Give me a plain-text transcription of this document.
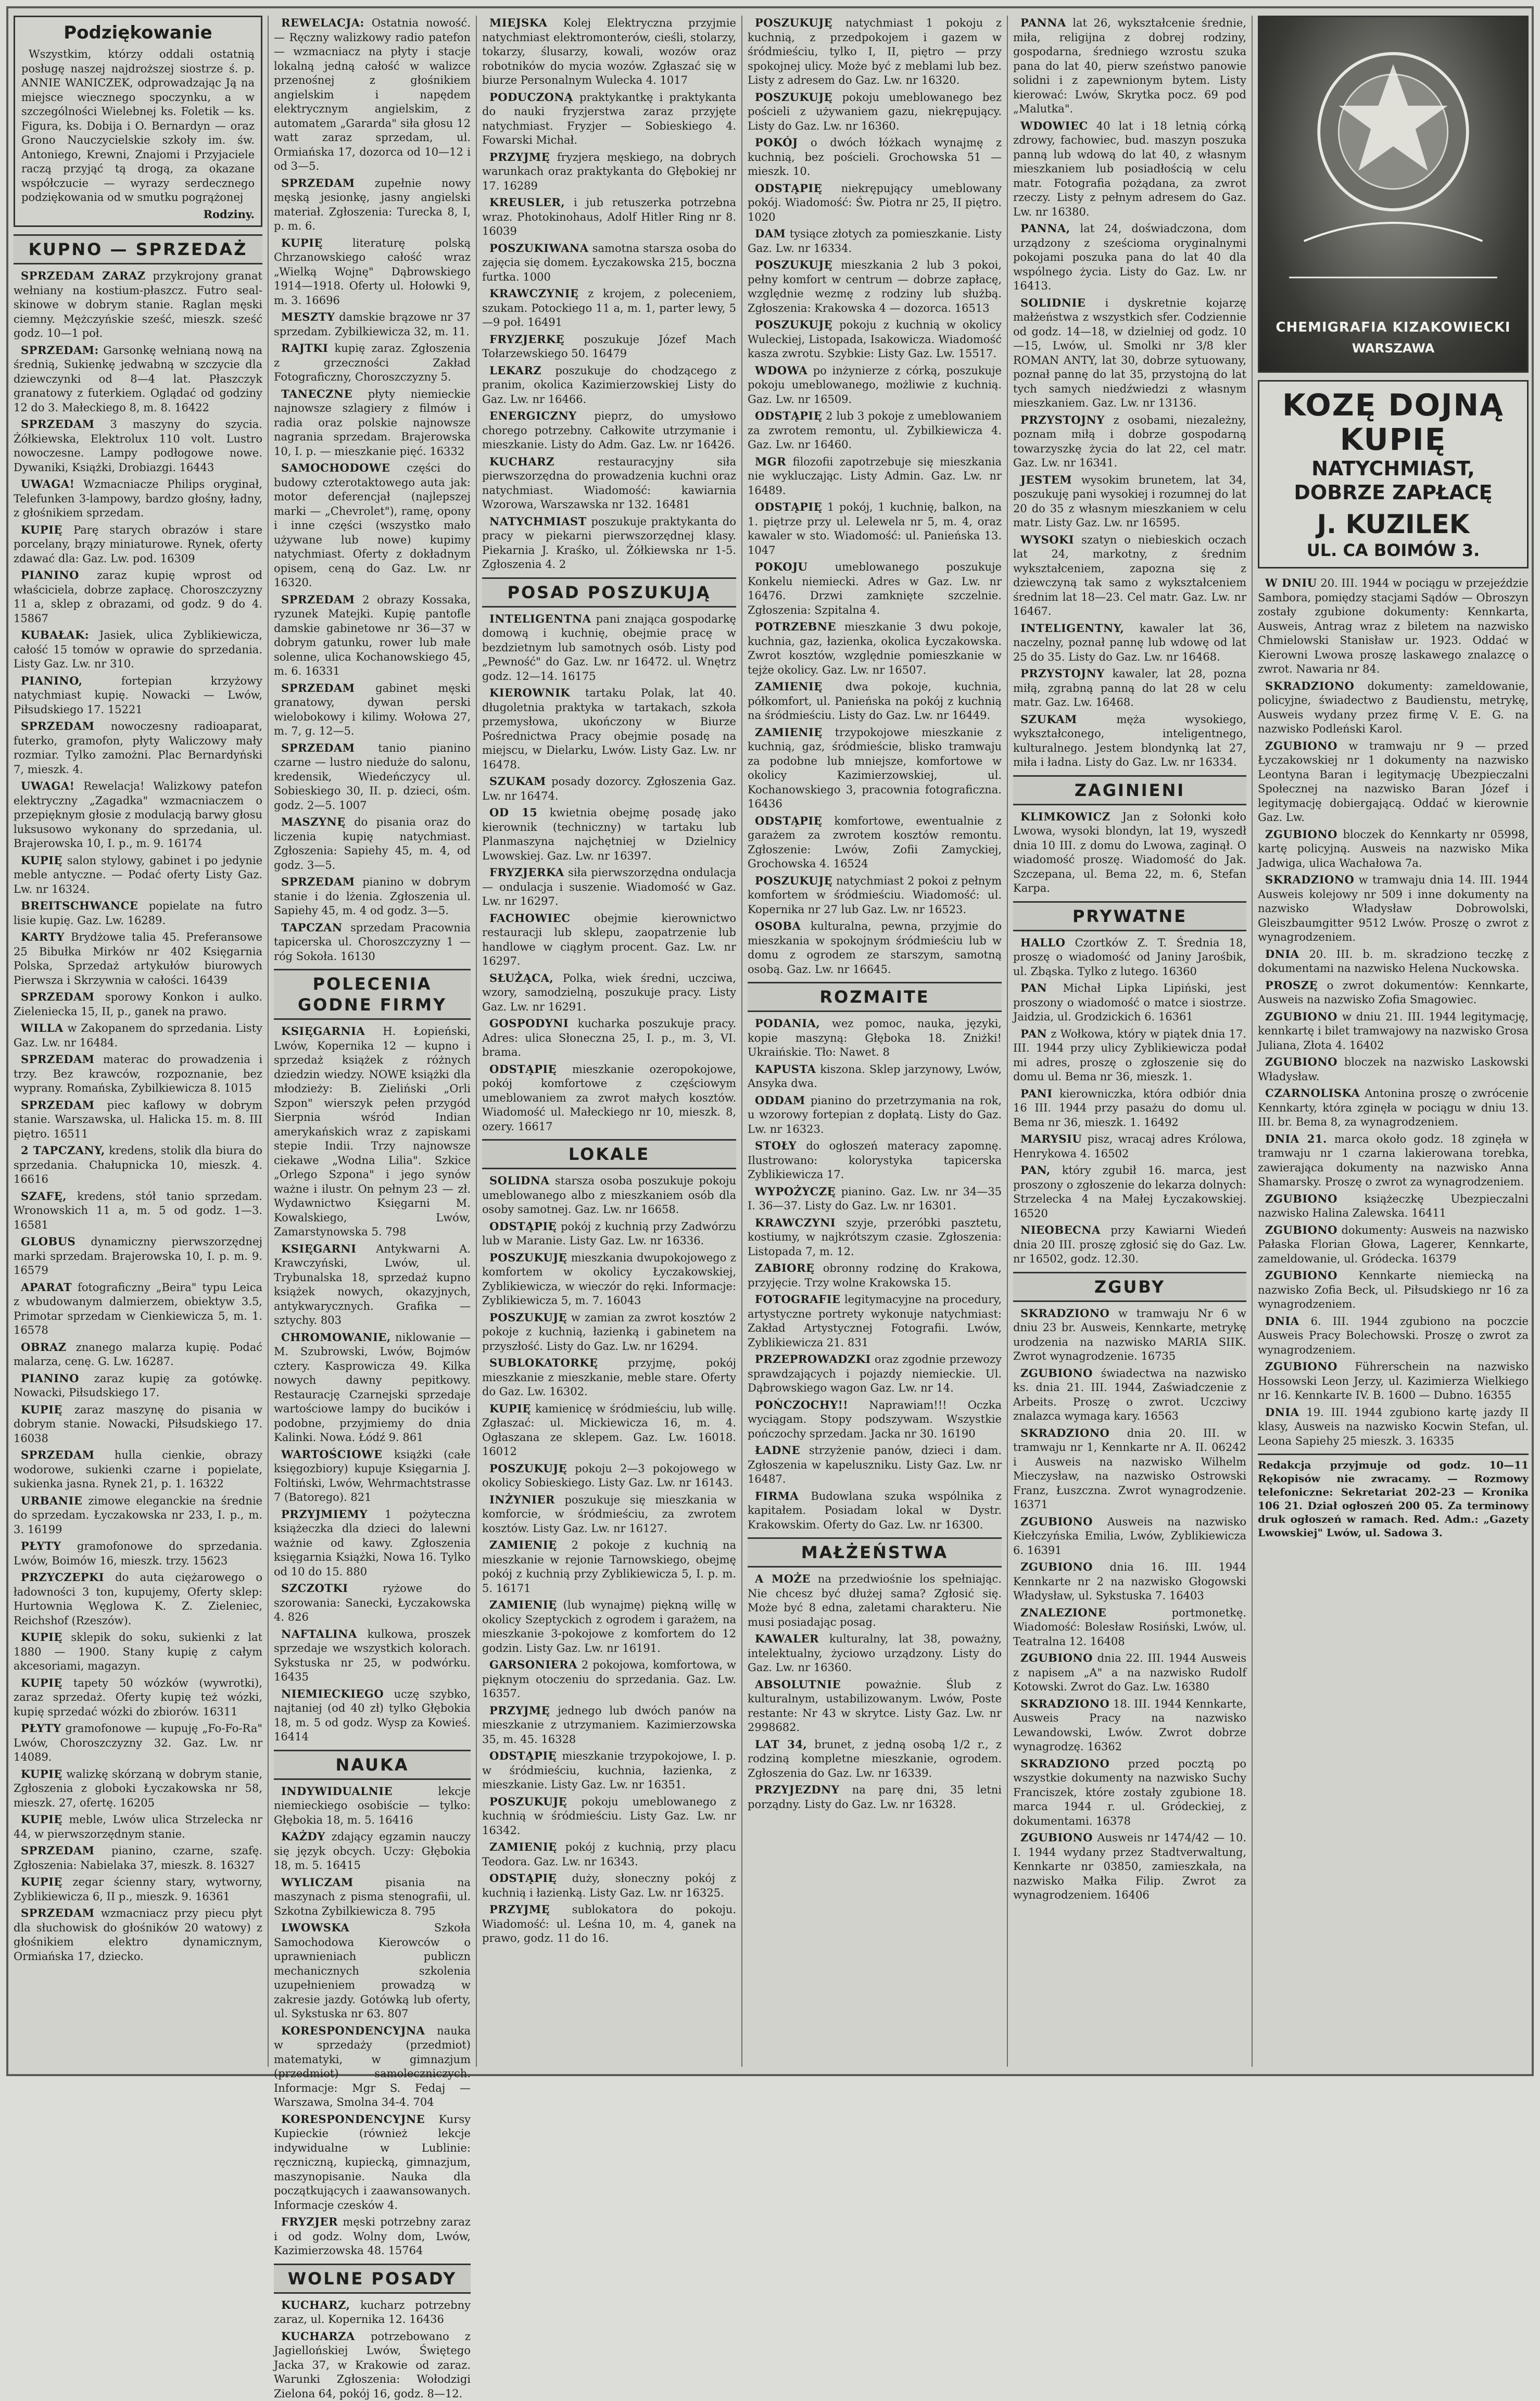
Podziękowanie
Wszystkim, którzy oddali ostatnią posługę naszej najdroższej siostrze ś. p. ANNIE WANICZEK, odprowadzając Ją na miejsce wiecznego spoczynku, a w szczególności Wielebnej ks. Foletik — ks. Figura, ks. Dobija i O. Bernardyn — oraz Grono Nauczycielskie szkoły im. św. Antoniego, Krewni, Znajomi i Przyjaciele raczą przyjąć tą drogą, za okazane współczucie — wyrazy serdecznego podziękowania od w smutku pogrążonej
Rodziny.
KUPNO — SPRZEDAŻ

SPRZEDAM ZARAZ przykrojony granat wełniany na kostium-płaszcz. Futro seal-skinowe w dobrym stanie. Raglan męski ciemny. Mężczyńskie sześć, mieszk. sześć godz. 10—1 poł.

SPRZEDAM: Garsonkę wełnianą nową na średnią, Sukienkę jedwabną w szczycie dla dziewczynki od 8—4 lat. Płaszczyk granatowy z futerkiem. Oglądać od godziny 12 do 3. Małeckiego 8, m. 8. 16422

SPRZEDAM 3 maszyny do szycia. Żółkiewska, Elektrolux 110 volt. Lustro nowoczesne. Lampy podłogowe nowe. Dywaniki, Książki, Drobiazgi. 16443

UWAGA! Wzmacniacze Philips oryginał, Telefunken 3-lampowy, bardzo głośny, ładny, z głośnikiem sprzedam.

KUPIĘ Parę starych obrazów i stare porcelany, brązy miniaturowe. Rynek, oferty zdawać dla: Gaz. Lw. pod. 16309

PIANINO zaraz kupię wprost od właściciela, dobrze zapłacę. Choroszczyzny 11 a, sklep z obrazami, od godz. 9 do 4. 15867

KUBAŁAK: Jasiek, ulica Zyblikiewicza, całość 15 tomów w oprawie do sprzedania. Listy Gaz. Lw. nr 310.

PIANINO,	fortepian krzyżowy natychmiast kupię. Nowacki — Lwów, Piłsudskiego 17. 15221

SPRZEDAM nowoczesny radioaparat, futerko, gramofon, płyty Waliczowy mały rozmiar. Tylko zamożni. Plac Bernardyński 7, mieszk. 4.

UWAGA! Rewelacja! Walizkowy patefon elektryczny „Zagadka" wzmacniaczem o przepięknym głosie z modulacją barwy głosu luksusowo wykonany do sprzedania, ul. Brajerowska 10, I. p., m. 9. 16174

KUPIĘ salon stylowy, gabinet i po jedynie meble antyczne. — Podać oferty Listy Gaz. Lw. nr 16324.

BREITSCHWANCE popielate na futro lisie kupię. Gaz. Lw. 16289.

KARTY Brydżowe talia 45. Preferansowe 25 Bibułka Mirków nr 402 Księgarnia Polska, Sprzedaż artykułów biurowych Pierwsza i Skrzywnia w całości. 16439

SPRZEDAM sporowy Konkon i aulko. Zieleniecka 15, II, p., ganek na prawo.

WILLA w Zakopanem do sprzedania. Listy Gaz. Lw. nr 16484.

SPRZEDAM materac do prowadzenia i trzy. Bez krawców, rozpoznanie, bez wyprany. Romańska, Zybilkiewicza 8. 1015

SPRZEDAM piec kaflowy w dobrym stanie. Warszawska, ul. Halicka 15. m. 8. III piętro. 16511

2 TAPCZANY, kredens, stolik dla biura do sprzedania. Chałupnicka 10, mieszk. 4. 16616

SZAFĘ, kredens, stół tanio sprzedam. Wronowskich 11 a, m. 5 od godz. 1—3. 16581

GLOBUS dynamiczny pierwszorzędnej marki sprzedam. Brajerowska 10, I. p. m. 9. 16579

APARAT fotograficzny „Beira" typu Leica z wbudowanym dalmierzem, obiektyw 3.5, Primotar sprzedam w Cienkiewicza 5, m. 1. 16578

OBRAZ znanego malarza kupię. Podać malarza, cenę. G. Lw. 16287.

PIANINO zaraz kupię za gotówkę. Nowacki, Piłsudskiego 17.

KUPIĘ zaraz maszynę do pisania w dobrym stanie. Nowacki, Piłsudskiego 17. 16038

SPRZEDAM hulla cienkie, obrazy wodorowe, sukienki czarne i popielate, sukienka jasna. Rynek 21, p. 1. 16322

URBANIE zimowe eleganckie na średnie do sprzedam. Łyczakowska nr 233, I. p., m. 3. 16199

PŁYTY gramofonowe do sprzedania. Lwów, Boimów 16, mieszk. trzy. 15623

PRZYCZEPKI do auta ciężarowego o ładowności 3 ton, kupujemy, Oferty sklep: Hurtownia Węglowa K. Z. Zieleniec, Reichshof (Rzeszów).

KUPIĘ sklepik do soku, sukienki z lat 1880 — 1900. Stany kupię z całym akcesoriami, magazyn.

KUPIĘ tapety 50 wózków (wywrotki), zaraz sprzedaż. Oferty kupię też wózki, kupię sprzedać wózki do zbiorów. 16311

PŁYTY gramofonowe — kupuję „Fo-Fo-Ra" Lwów, Choroszczyzny 32. Gaz. Lw. nr 14089.

KUPIĘ walizkę skórzaną w dobrym stanie, Zgłoszenia z globoki Łyczakowska nr 58, mieszk. 27, ofertę. 16205

KUPIĘ meble, Lwów ulica Strzelecka nr 44, w pierwszorzędnym stanie.

SPRZEDAM pianino, czarne, szafę. Zgłoszenia: Nabielaka 37, mieszk. 8. 16327

KUPIĘ zegar ścienny stary, wytworny, Zyblikiewicza 6, II p., mieszk. 9. 16361

SPRZEDAM wzmacniacz przy piecu płyt dla słuchowisk do głośników 20 watowy) z głośnikiem elektro dynamicznym, Ormiańska 17, dziecko.

REWELACJA: Ostatnia nowość. — Ręczny walizkowy radio patefon — wzmacniacz na płyty i stacje lokalną jedną całość w walizce przenośnej z głośnikiem angielskim i napędem elektrycznym angielskim, z automatem „Gararda" siła głosu 12 watt zaraz sprzedam, ul. Ormiańska 17, dozorca od 10—12 i od 3—5.

SPRZEDAM zupełnie nowy męską jesionkę, jasny angielski materiał. Zgłoszenia: Turecka 8, I, p. m. 6.

KUPIĘ	literaturę polską Chrzanowskiego całość wraz „Wielką Wojnę" Dąbrowskiego 1914—1918. Oferty ul. Hołowki 9, m. 3. 16696

MESZTY damskie brązowe nr 37 sprzedam. Zybilkiewicza 32, m. 11.

RAJTKI kupię zaraz. Zgłoszenia z grzeczności Zakład Fotograficzny, Choroszczyzny 5.

TANECZNE płyty niemieckie najnowsze szlagiery z filmów i radia oraz polskie najnowsze nagrania sprzedam. Brajerowska 10, I. p. — mieszkanie pięć. 16332

SAMOCHODOWE części do budowy czterotaktowego auta jak: motor deferencjał (najlepszej marki — „Chevrolet"), ramę, opony i inne części (wszystko mało używane lub nowe) kupimy natychmiast. Oferty z dokładnym opisem, ceną do Gaz. Lw. nr 16320.

SPRZEDAM 2 obrazy Kossaka, ryzunek Matejki. Kupię pantofle damskie gabinetowe nr 36—37 w dobrym gatunku, rower lub małe solenne, ulica Kochanowskiego 45, m. 6. 16331

SPRZEDAM gabinet męski granatowy, dywan perski wielobokowy i kilimy. Wołowa 27, m. 7, g. 12—5.

SPRZEDAM tanio pianino czarne — lustro nieduże do salonu, kredensik, Wiedeńczycy ul. Sobieskiego 30, II. p. dzieci, ośm. godz. 2—5. 1007

MASZYNĘ do pisania oraz do liczenia kupię natychmiast. Zgłoszenia: Sapiehy 45, m. 4, od godz. 3—5.

SPRZEDAM pianino w dobrym stanie i do lżenia. Zgłoszenia ul. Sapiehy 45, m. 4 od godz. 3—5.

TAPCZAN sprzedam Pracownia tapicerska ul. Choroszczyzny 1 — róg Sokoła. 16130

POLECENIA GODNE FIRMY

KSIĘGARNIA H. Łopieński, Lwów, Kopernika 12 — kupno i sprzedaż książek z różnych dziedzin wiedzy. NOWE książki dla młodzieży: B. Zieliński „Orli Szpon" wierszyk pełen przygód Sierpnia wśród Indian amerykańskich wraz z zapiskami stepie Indii. Trzy najnowsze ciekawe „Wodna Lilia". Szkice „Orlego Szpona" i jego synów ważne i ilustr. On pełnym 23 — zł. Wydawnictwo Księgarni M. Kowalskiego, Lwów, Zamarstynowska 5. 798

KSIĘGARNI Antykwarni A. Krawczyński, Lwów, ul. Trybunalska 18, sprzedaż kupno książek nowych, okazyjnych, antykwarycznych. Grafika — sztychy. 803

CHROMOWANIE, niklowanie — M. Szubrowski, Lwów, Bojmów cztery. Kasprowicza 49. Kilka nowych dawny pepitkowy. Restaurację Czarnejski sprzedaje wartościowe lampy do bucików i podobne, przyjmiemy do dnia Kalinki. Nowa. Łódź 9. 861

WARTOŚCIOWE książki (całe księgozbiory) kupuje Księgarnia J. Foltiński, Lwów, Wehrmachtstrasse 7 (Batorego). 821

PRZYJMIEMY 1 pożyteczna książeczka dla dzieci do lalewni ważnie od kawy. Zgłoszenia księgarnia Książki, Nowa 16. Tylko od 10 do 15. 880

SZCZOTKI	ryżowe do szorowania: Sanecki, Łyczakowska 4. 826

NAFTALINA kulkowa, proszek sprzedaje we wszystkich kolorach. Sykstuska nr 25, w podwórku. 16435

NIEMIECKIEGO uczę szybko, najtaniej (od 40 zł) tylko Głębokia 18, m. 5 od godz. Wysp za Kowieś. 16414

NAUKA

INDYWIDUALNIE	lekcje niemieckiego osobiście — tylko: Głębokia 18, m. 5. 16416

KAŻDY zdający egzamin nauczy się język obcych. Uczy: Głębokia 18, m. 5. 16415

WYLICZAM	pisania na maszynach z pisma stenografii, ul. Szkotna Zybilkiewicza 8. 795

LWOWSKA	Szkoła Samochodowa Kierowców o uprawnieniach publiczn mechanicznych szkolenia uzupełnieniem prowadzą w zakresie jazdy. Gotówką lub oferty, ul. Sykstuska nr 63. 807

KORESPONDENCYJNA nauka w sprzedaży (przedmiot) matematyki, w gimnazjum (przedmiot) samoleczniczych. Informacje: Mgr S. Fedaj — Warszawa, Smolna 34-4. 704

KORESPONDENCYJNE Kursy Kupieckie (również lekcje indywidualne w Lublinie: ręczniczną, kupiecką, gimnazjum, maszynopisanie. Nauka dla początkujących i zaawansowanych. Informacje czesków 4.

FRYZJER męski potrzebny zaraz i od godz. Wolny dom, Lwów, Kazimierzowska 48. 15764

WOLNE POSADY

KUCHARZ, kucharz potrzebny zaraz, ul. Kopernika 12. 16436

KUCHARZA potrzebowano z Jagiellońskiej Lwów, Świętego Jacka 37, w Krakowie od zaraz. Warunki Zgłoszenia: Wołodzigi Zielona 64, pokój 16, godz. 8—12.

MIEJSKA Kolej Elektryczna przyjmie natychmiast elektromonterów, cieśli, stolarzy, tokarzy, ślusarzy, kowali, wozów oraz robotników do mycia wozów. Zgłaszać się w biurze Personalnym Wulecka 4. 1017

PODUCZONĄ praktykantkę i praktykanta do nauki fryzjerstwa zaraz przyjęte natychmiast. Fryzjer — Sobieskiego 4. Fowarski Michał.

PRZYJMĘ fryzjera męskiego, na dobrych warunkach oraz praktykanta do Głębokiej nr 17. 16289

KREUSLER, i jub retuszerka potrzebna wraz. Photokinohaus, Adolf Hitler Ring nr 8. 16039

POSZUKIWANA samotna starsza osoba do zajęcia się domem. Łyczakowska 215, boczna furtka. 1000

KRAWCZYNIĘ z krojem, z poleceniem, szukam. Potockiego 11 a, m. 1, parter lewy, 5—9 poł. 16491

FRYZJERKĘ poszukuje Józef Mach Tołarzewskiego 50. 16479

LEKARZ poszukuje do chodzącego z pranim, okolica Kazimierzowskiej Listy do Gaz. Lw. nr 16466.

ENERGICZNY pieprz, do umysłowo chorego potrzebny. Całkowite utrzymanie i mieszkanie. Listy do Adm. Gaz. Lw. nr 16426.

KUCHARZ	restauracyjny siła pierwszorzędna do prowadzenia kuchni oraz natychmiast. Wiadomość: kawiarnia Wzorowa, Warszawska nr 132. 16481

NATYCHMIAST poszukuje praktykanta do pracy w piekarni pierwszorzędnej klasy. Piekarnia J. Kraśko, ul. Żółkiewska nr 1-5. Zgłoszenia 4. 2

POSAD POSZUKUJĄ

INTELIGENTNA pani znająca gospodarkę domową i kuchnię, obejmie pracę w bezdzietnym lub samotnych osób. Listy pod „Pewność" do Gaz. Lw. nr 16472. ul. Wnętrz godz. 12—14. 16175

KIEROWNIK tartaku Polak, lat 40. długoletnia praktyka w tartakach, szkoła przemysłowa, ukończony w Biurze Pośrednictwa Pracy obejmie posadę na miejscu, w Dielarku, Lwów. Listy Gaz. Lw. nr 16478.

SZUKAM posady dozorcy. Zgłoszenia Gaz. Lw. nr 16474.

OD 15 kwietnia obejmę posadę jako kierownik (techniczny) w tartaku lub Planmaszyna najchętniej w Dzielnicy Lwowskiej. Gaz. Lw. nr 16397.

FRYZJERKA siła pierwszorzędna ondulacja — ondulacja i suszenie. Wiadomość w Gaz. Lw. nr 16297.

FACHOWIEC obejmie kierownictwo restauracji lub sklepu, zaopatrzenie lub handlowe w ciągłym procent. Gaz. Lw. nr 16297.

SŁUŻĄCA, Polka, wiek średni, uczciwa, wzory, samodzielną, poszukuje pracy. Listy Gaz. Lw. nr 16291.

GOSPODYNI kucharka poszukuje pracy. Adres: ulica Słoneczna 25, I. p., m. 3, VI. brama.

ODSTĄPIĘ mieszkanie ozeropokojowe, pokój komfortowe z częściowym umeblowaniem za zwrot małych kosztów. Wiadomość ul. Małeckiego nr 10, mieszk. 8, ozery. 16617

LOKALE

SOLIDNA starsza osoba poszukuje pokoju umeblowanego albo z mieszkaniem osób dla osoby samotnej. Gaz. Lw. nr 16658.

ODSTĄPIĘ pokój z kuchnią przy Zadwórzu lub w Maranie. Listy Gaz. Lw. nr 16336.

POSZUKUJĘ mieszkania dwupokojowego z komfortem w okolicy Łyczakowskiej, Zyblikiewicza, w wieczór do ręki. Informacje: Zyblikiewicza 5, m. 7. 16043

POSZUKUJĘ w zamian za zwrot kosztów 2 pokoje z kuchnią, łazienką i gabinetem na przyszłość. Listy do Gaz. Lw. nr 16294.

SUBLOKATORKĘ	przyjmę, pokój mieszkanie z mieszkanie, meble stare. Oferty do Gaz. Lw. 16302.

KUPIĘ kamienicę w śródmieściu, lub willę. Zgłaszać: ul. Mickiewicza 16, m. 4. Ogłaszana ze sklepem. Gaz. Lw. 16018. 16012

POSZUKUJĘ pokoju 2—3 pokojowego w okolicy Sobieskiego. Listy Gaz. Lw. nr 16143.

INŻYNIER poszukuje się mieszkania w komforcie, w śródmieściu, za zwrotem kosztów. Listy Gaz. Lw. nr 16127.

ZAMIENIĘ 2 pokoje z kuchnią na mieszkanie w rejonie Tarnowskiego, obejmę pokój z kuchnią przy Zyblikiewicza 5, I. p. m. 5. 16171

ZAMIENIĘ (lub wynajmę) piękną willę w okolicy Szeptyckich z ogrodem i garażem, na mieszkanie 3-pokojowe z komfortem do 12 godzin. Listy Gaz. Lw. nr 16191.

GARSONIERA 2 pokojowa, komfortowa, w pięknym otoczeniu do sprzedania. Gaz. Lw. 16357.

PRZYJMĘ jednego lub dwóch panów na mieszkanie z utrzymaniem. Kazimierzowska 35, m. 45. 16328

ODSTĄPIĘ mieszkanie trzypokojowe, I. p. w śródmieściu, kuchnia, łazienka, z mieszkanie. Listy Gaz. Lw. nr 16351.

POSZUKUJĘ pokoju umeblowanego z kuchnią w śródmieściu. Listy Gaz. Lw. nr 16342.

ZAMIENIĘ pokój z kuchnią, przy placu Teodora. Gaz. Lw. nr 16343.

ODSTĄPIĘ duży, słoneczny pokój z kuchnią i łazienką. Listy Gaz. Lw. nr 16325.

PRZYJMĘ sublokatora do pokoju. Wiadomość: ul. Leśna 10, m. 4, ganek na prawo, godz. 11 do 16.

POSZUKUJĘ natychmiast 1 pokoju z kuchnią, z przedpokojem i gazem w śródmieściu, tylko I, II, piętro — przy spokojnej ulicy. Może być z meblami lub bez. Listy z adresem do Gaz. Lw. nr 16320.

POSZUKUJĘ pokoju umeblowanego bez pościeli z używaniem gazu, niekrępujący. Listy do Gaz. Lw. nr 16360.

POKÓJ o dwóch łóżkach wynajmę z kuchnią, bez pościeli. Grochowska 51 — mieszk. 10.

ODSTĄPIĘ niekrępujący umeblowany pokój. Wiadomość: Św. Piotra nr 25, II piętro. 1020

DAM tysiące złotych za pomieszkanie. Listy Gaz. Lw. nr 16334.

POSZUKUJĘ mieszkania 2 lub 3 pokoi, pełny komfort w centrum — dobrze zapłacę, względnie wezmę z rodziny lub służbą. Zgłoszenia: Krakowska 4 — dozorca. 16513

POSZUKUJĘ pokoju z kuchnią w okolicy Wuleckiej, Listopada, Isakowicza. Wiadomość kasza zwrotu. Szybkie: Listy Gaz. Lw. 15517.

WDOWA po inżynierze z córką, poszukuje pokoju umeblowanego, możliwie z kuchnią. Gaz. Lw. nr 16509.

ODSTĄPIĘ 2 lub 3 pokoje z umeblowaniem za zwrotem remontu, ul. Zybilkiewicza 4. Gaz. Lw. nr 16460.

MGR filozofii zapotrzebuje się mieszkania nie wykluczając. Listy Admin. Gaz. Lw. nr 16489.

ODSTĄPIĘ 1 pokój, 1 kuchnię, balkon, na 1. piętrze przy ul. Lelewela nr 5, m. 4, oraz kawaler w sto. Wiadomość: ul. Panieńska 13. 1047

POKOJU umeblowanego poszukuje Konkelu niemiecki. Adres w Gaz. Lw. nr 16476. Drzwi zamknięte szczelnie. Zgłoszenia: Szpitalna 4.

POTRZEBNE mieszkanie 3 dwu pokoje, kuchnia, gaz, łazienka, okolica Łyczakowska. Zwrot kosztów, względnie pomieszkanie w tejże okolicy. Gaz. Lw. nr 16507.

ZAMIENIĘ dwa pokoje, kuchnia, półkomfort, ul. Panieńska na pokój z kuchnią na śródmieściu. Listy do Gaz. Lw. nr 16449.

ZAMIENIĘ trzypokojowe mieszkanie z kuchnią, gaz, śródmieście, blisko tramwaju za podobne lub mniejsze, komfortowe w okolicy Kazimierzowskiej, ul. Kochanowskiego 3, pracownia fotograficzna. 16436

ODSTĄPIĘ komfortowe, ewentualnie z garażem za zwrotem kosztów remontu. Zgłoszenie: Lwów, Zofii Zamyckiej, Grochowska 4. 16524

POSZUKUJĘ natychmiast 2 pokoi z pełnym komfortem w śródmieściu. Wiadomość: ul. Kopernika nr 27 lub Gaz. Lw. nr 16523.

OSOBA kulturalna, pewna, przyjmie do mieszkania w spokojnym śródmieściu lub w domu z ogrodem ze starszym, samotną osobą. Gaz. Lw. nr 16645.

ROZMAITE

PODANIA, wez pomoc, nauka, języki, kopie maszyną: Głęboka 18. Zniżki! Ukraińskie. Tło: Nawet. 8

KAPUSTA kiszona. Sklep jarzynowy, Lwów, Ansyka dwa.

ODDAM pianino do przetrzymania na rok, u wzorowy fortepian z dopłatą. Listy do Gaz. Lw. nr 16323.

STOŁY do ogłoszeń materacy zapomnę. Ilustrowano: kolorystyka tapicerska Zyblikiewicza 17.

WYPOŻYCZĘ pianino. Gaz. Lw. nr 34—35 I. 36—37. Listy do Gaz. Lw. nr 16301.

KRAWCZYNI szyje, przeróbki pasztetu, kostiumy, w najkrótszym czasie. Zgłoszenia: Listopada 7, m. 12.

ZABIORĘ obronny rodzinę do Krakowa, przyjęcie. Trzy wolne Krakowska 15.

FOTOGRAFIE legitymacyjne na procedury, artystyczne portrety wykonuje natychmiast: Zakład Artystycznej Fotografii. Lwów, Zyblikiewicza 21. 831

PRZEPROWADZKI oraz zgodnie przewozy sprawdzających i pojazdy niemieckie. Ul. Dąbrowskiego wagon Gaz. Lw. nr 14.

POŃCZOCHY!! Naprawiam!!! Oczka wyciągam. Stopy podszywam. Wszystkie pończochy sprzedam. Jacka nr 30. 16190

ŁADNE strzyżenie panów, dzieci i dam. Zgłoszenia w kapeluszniku. Listy Gaz. Lw. nr 16487.

FIRMA Budowlana szuka wspólnika z kapitałem. Posiadam lokal w Dystr. Krakowskim. Oferty do Gaz. Lw. nr 16300.

MAŁŻEŃSTWA

A MOŻE na przedwiośnie los spełniając. Nie chcesz być dłużej sama? Zgłosić się. Może być 8 edna, zaletami charakteru. Nie musi posiadając posag.

KAWALER kulturalny, lat 38, poważny, intelektualny, życiowo urządzony. Listy do Gaz. Lw. nr 16360.

ABSOLUTNIE poważnie. Ślub z kulturalnym, ustabilizowanym. Lwów, Poste restante: Nr 43 w skrytce. Listy Gaz. Lw. nr 2998682.

LAT 34, brunet, z jedną osobą 1/2 r., z rodziną kompletne mieszkanie, ogrodem. Zgłoszenia do Gaz. Lw. nr 16339.

PRZYJEZDNY na parę dni, 35 letni porządny. Listy do Gaz. Lw. nr 16328.

PANNA lat 26, wykształcenie średnie, miła, religijna z dobrej rodziny, gospodarna, średniego wzrostu szuka pana do lat 40, pierw szeństwo panowie solidni i z zapewnionym bytem. Listy kierować: Lwów, Skrytka pocz. 69 pod „Malutka".

WDOWIEC 40 lat i 18 letnią córką zdrowy, fachowiec, bud. maszyn poszuka panną lub wdową do lat 40, z własnym mieszkaniem lub posiadłością w celu matr. Fotografia pożądana, za zwrot rzeczy. Listy z pełnym adresem do Gaz. Lw. nr 16380.

PANNA, lat 24, doświadczona, dom urządzony z sześcioma oryginalnymi pokojami poszuka pana do lat 40 dla wspólnego życia. Listy do Gaz. Lw. nr 16413.

SOLIDNIE i dyskretnie kojarzę małżeństwa z wszystkich sfer. Codziennie od godz. 14—18, w dzielniej od godz. 10—15, Lwów, ul. Smolki nr 3/8 kler ROMAN ANTY, lat 30, dobrze sytuowany, poznał pannę do lat 35, przystojną do lat tych samych niedźwiedzi z własnym mieszkaniem. Gaz. Lw. nr 13136.

PRZYSTOJNY z osobami, niezależny, poznam miłą i dobrze gospodarną towarzyszkę życia do lat 22, cel matr. Gaz. Lw. nr 16341.

JESTEM wysokim brunetem, lat 34, poszukuję pani wysokiej i rozumnej do lat 20 do 35 z własnym mieszkaniem w celu matr. Listy Gaz. Lw. nr 16595.

WYSOKI szatyn o niebieskich oczach lat 24, markotny, z średnim wykształceniem, zapozna się z dziewczyną tak samo z wykształceniem średnim lat 18—23. Cel matr. Gaz. Lw. nr 16467.

INTELIGENTNY, kawaler lat 36, naczelny, poznał pannę lub wdowę od lat 25 do 35. Listy do Gaz. Lw. nr 16468.

PRZYSTOJNY kawaler, lat 28, pozna miłą, zgrabną panną do lat 28 w celu matr. Gaz. Lw. 16468.

SZUKAM	męża wysokiego, wykształconego, inteligentnego, kulturalnego. Jestem blondynką lat 27, miła i ładna. Listy do Gaz. Lw. nr 16334.

ZAGINIENI

KLIMKOWICZ Jan z Sołonki koło Lwowa, wysoki blondyn, lat 19, wyszedł dnia 10 III. z domu do Lwowa, zaginął. O wiadomość proszę. Wiadomość do Jak. Szczepana, ul. Bema 22, m. 6, Stefan Karpa.

PRYWATNE

HALLO Czortków Z. T. Średnia 18, proszę o wiadomość od Janiny Jarośbik, ul. Zbąska. Tylko z lutego. 16360

PAN Michał Lipka Lipiński, jest proszony o wiadomość o matce i siostrze. Jaidzia, ul. Grodzickich 6. 16361

PAN z Wołkowa, który w piątek dnia 17. III. 1944 przy ulicy Zyblikiewicza podał mi adres, proszę o zgłoszenie się do domu ul. Bema nr 36, mieszk. 1.

PANI kierowniczka, która odbiór dnia 16 III. 1944 przy pasażu do domu ul. Bema nr 36, mieszk. 1. 16492

MARYSIU pisz, wracaj adres Królowa, Henrykowa 4. 16502

PAN, który zgubił 16. marca, jest proszony o zgłoszenie do lekarza dolnych: Strzelecka 4 na Małej Łyczakowskiej. 16520

NIEOBECNA przy Kawiarni Wiedeń dnia 20 III. proszę zgłosić się do Gaz. Lw. nr 16502, godz. 12.30.

ZGUBY

SKRADZIONO w tramwaju Nr 6 w dniu 23 br. Ausweis, Kennkarte, metrykę urodzenia na nazwisko MARIA SIIK. Zwrot wynagrodzenie. 16735

ZGUBIONO świadectwa na nazwisko ks. dnia 21. III. 1944, Zaświadczenie z Arbeits. Proszę o zwrot. Uczciwy znalazca wymaga kary. 16563

SKRADZIONO dnia 20. III. w tramwaju nr 1, Kennkarte nr A. II. 06242 i Ausweis na nazwisko Wilhelm Mieczysław, na nazwisko Ostrowski Franz, Łuszczna. Zwrot wynagrodzenie. 16371

ZGUBIONO Ausweis na nazwisko Kiełczyńska Emilia, Lwów, Zyblikiewicza 6. 16391

ZGUBIONO dnia 16. III. 1944 Kennkarte nr 2 na nazwisko Głogowski Władysław, ul. Sykstuska 7. 16403

ZNALEZIONE	portmonetkę. Wiadomość: Bolesław Rosiński, Lwów, ul. Teatralna 12. 16408

ZGUBIONO dnia 22. III. 1944 Ausweis z napisem „A" a na nazwisko Rudolf Kotowski. Zwrot do Gaz. Lw. 16380

SKRADZIONO 18. III. 1944 Kennkarte, Ausweis Pracy na nazwisko Lewandowski, Lwów. Zwrot dobrze wynagrodzę. 16362

SKRADZIONO przed pocztą po wszystkie dokumenty na nazwisko Suchy Franciszek, które zostały zgubione 18. marca 1944 r. ul. Gródeckiej, z dokumentami. 16378

ZGUBIONO Ausweis nr 1474/42 — 10. I. 1944 wydany przez Stadtverwaltung, Kennkarte nr 03850, zamieszkała, na nazwisko Małka Filip. Zwrot za wynagrodzeniem. 16406

CHEMIGRAFIA KIZAKOWIECKI
WARSZAWA
KOZĘ DOJNĄ KUPIĘ
NATYCHMIAST,
DOBRZE ZAPŁACĘ
J. KUZILEK
UL. CA BOIMÓW 3.

W DNIU 20. III. 1944 w pociągu w przejeździe Sambora, pomiędzy stacjami Sądów — Obroszyn zostały zgubione dokumenty: Kennkarta, Ausweis, Antrag wraz z biletem na nazwisko Chmielowski Stanisław ur. 1923. Oddać w Kierowni Lwowa proszę laskawego znalazcę o zwrot. Nawaria nr 84.

SKRADZIONO dokumenty: zameldowanie, policyjne, świadectwo z Baudienstu, metrykę, Ausweis wydany przez firmę V. E. G. na nazwisko Podleński Karol.

ZGUBIONO w tramwaju nr 9 — przed Łyczakowskiej nr 1 dokumenty na nazwisko Leontyna Baran i legitymację Ubezpieczalni Społecznej na nazwisko Baran Józef i legitymację dobiergającą. Oddać w kierownie Gaz. Lw.

ZGUBIONO bloczek do Kennkarty nr 05998, kartę policyjną. Ausweis na nazwisko Mika Jadwiga, ulica Wachałowa 7a.

SKRADZIONO w tramwaju dnia 14. III. 1944 Ausweis kolejowy nr 509 i inne dokumenty na nazwisko Władysław Dobrowolski, Gleiszbaumgitter 9512 Lwów. Proszę o zwrot z wynagrodzeniem.

DNIA 20. III. b. m. skradziono teczkę z dokumentami na nazwisko Helena Nuckowska.

PROSZĘ o zwrot dokumentów: Kennkarte, Ausweis na nazwisko Zofia Smagowiec.

ZGUBIONO w dniu 21. III. 1944 legitymację, kennkartę i bilet tramwajowy na nazwisko Grosa Juliana, Złota 4. 16402

ZGUBIONO bloczek na nazwisko Laskowski Władysław.

CZARNOLISKA Antonina proszę o zwrócenie Kennkarty, która zginęła w pociągu w dniu 13. III. br. Bema 8, za wynagrodzeniem.

DNIA 21. marca około godz. 18 zginęła w tramwaju nr 1 czarna lakierowana torebka, zawierająca dokumenty na nazwisko Anna Shamarsky. Proszę o zwrot za wynagrodzeniem.

ZGUBIONO książeczkę Ubezpieczalni nazwisko Halina Zalewska. 16411

ZGUBIONO dokumenty: Ausweis na nazwisko Pałaska Florian Głowa, Lagerer, Kennkarte, zameldowanie, ul. Gródecka. 16379

ZGUBIONO Kennkarte niemiecką na nazwisko Zofia Beck, ul. Piłsudskiego nr 16 za wynagrodzeniem.

DNIA 6. III. 1944 zgubiono na poczcie Ausweis Pracy Bolechowski. Proszę o zwrot za wynagrodzeniem.

ZGUBIONO Führerschein na nazwisko Hossowski Leon Jerzy, ul. Kazimierza Wielkiego nr 16. Kennkarte IV. B. 1600 — Dubno. 16355

DNIA 19. III. 1944 zgubiono kartę jazdy II klasy, Ausweis na nazwisko Kocwin Stefan, ul. Leona Sapiehy 25 mieszk. 3. 16335

Redakcja przyjmuje od godz. 10—11 Rękopisów nie zwracamy. — Rozmowy telefoniczne: Sekretariat 202-23 — Kronika 106 21. Dział ogłoszeń 200 05. Za terminowy druk ogłoszeń w ramach. Red. Adm.: „Gazety Lwowskiej" Lwów, ul. Sadowa 3.
